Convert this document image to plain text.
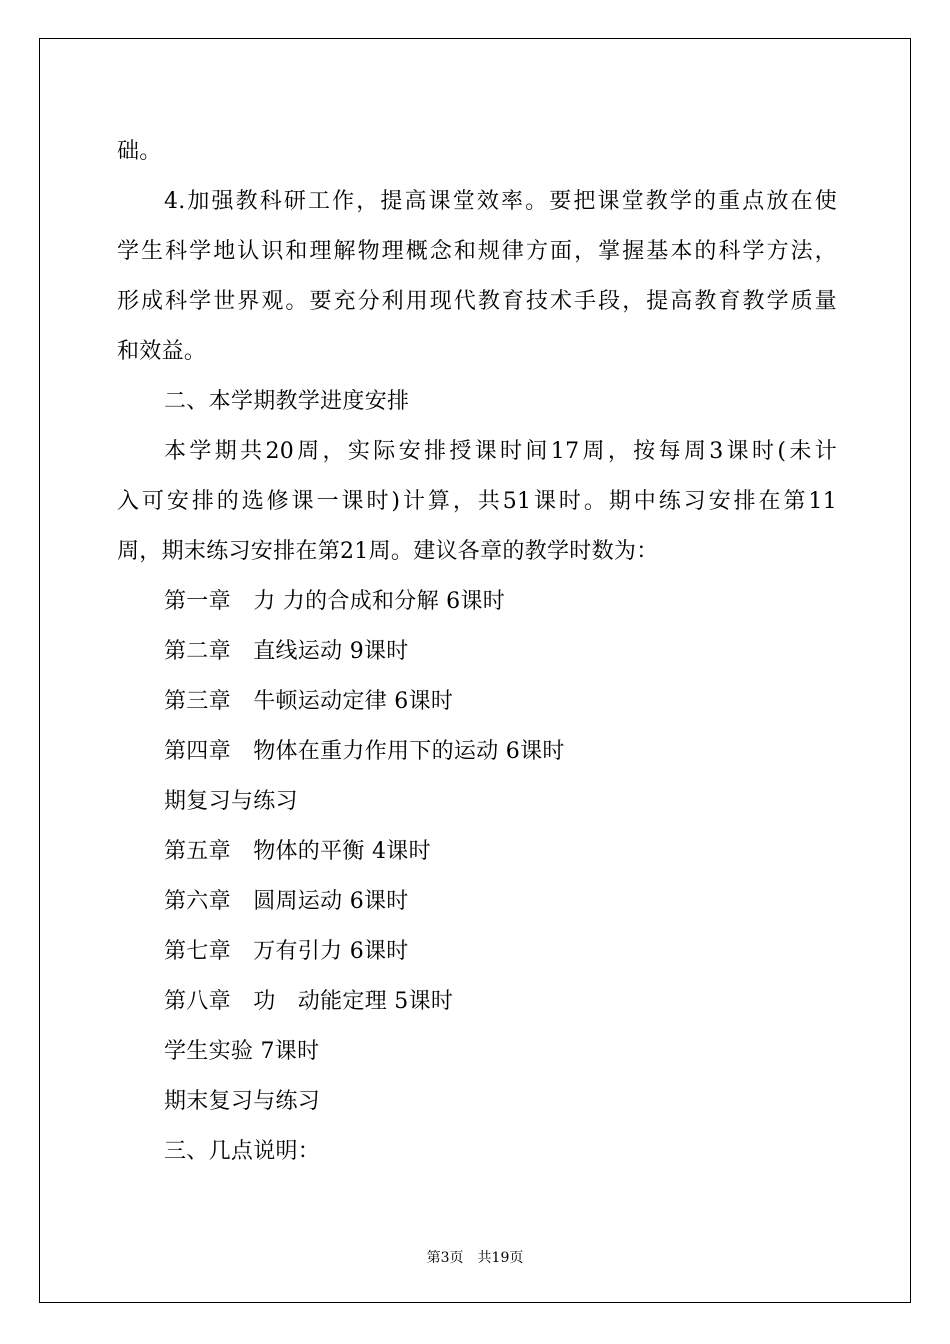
础。
4.加强教科研工作，提高课堂效率。要把课堂教学的重点放在使
学生科学地认识和理解物理概念和规律方面，掌握基本的科学方法，
形成科学世界观。要充分利用现代教育技术手段，提高教育教学质量
和效益。
二、本学期教学进度安排
本学期共20周，实际安排授课时间17周，按每周3课时(未计
入可安排的选修课一课时)计算，共51课时。期中练习安排在第11
周，期末练习安排在第21周。建议各章的教学时数为：
第一章　力 力的合成和分解 6课时
第二章　直线运动 9课时
第三章　牛顿运动定律 6课时
第四章　物体在重力作用下的运动 6课时
期复习与练习
第五章　物体的平衡 4课时
第六章　圆周运动 6课时
第七章　万有引力 6课时
第八章　功　动能定理 5课时
学生实验 7课时
期末复习与练习
三、几点说明：
第3页 共19页
